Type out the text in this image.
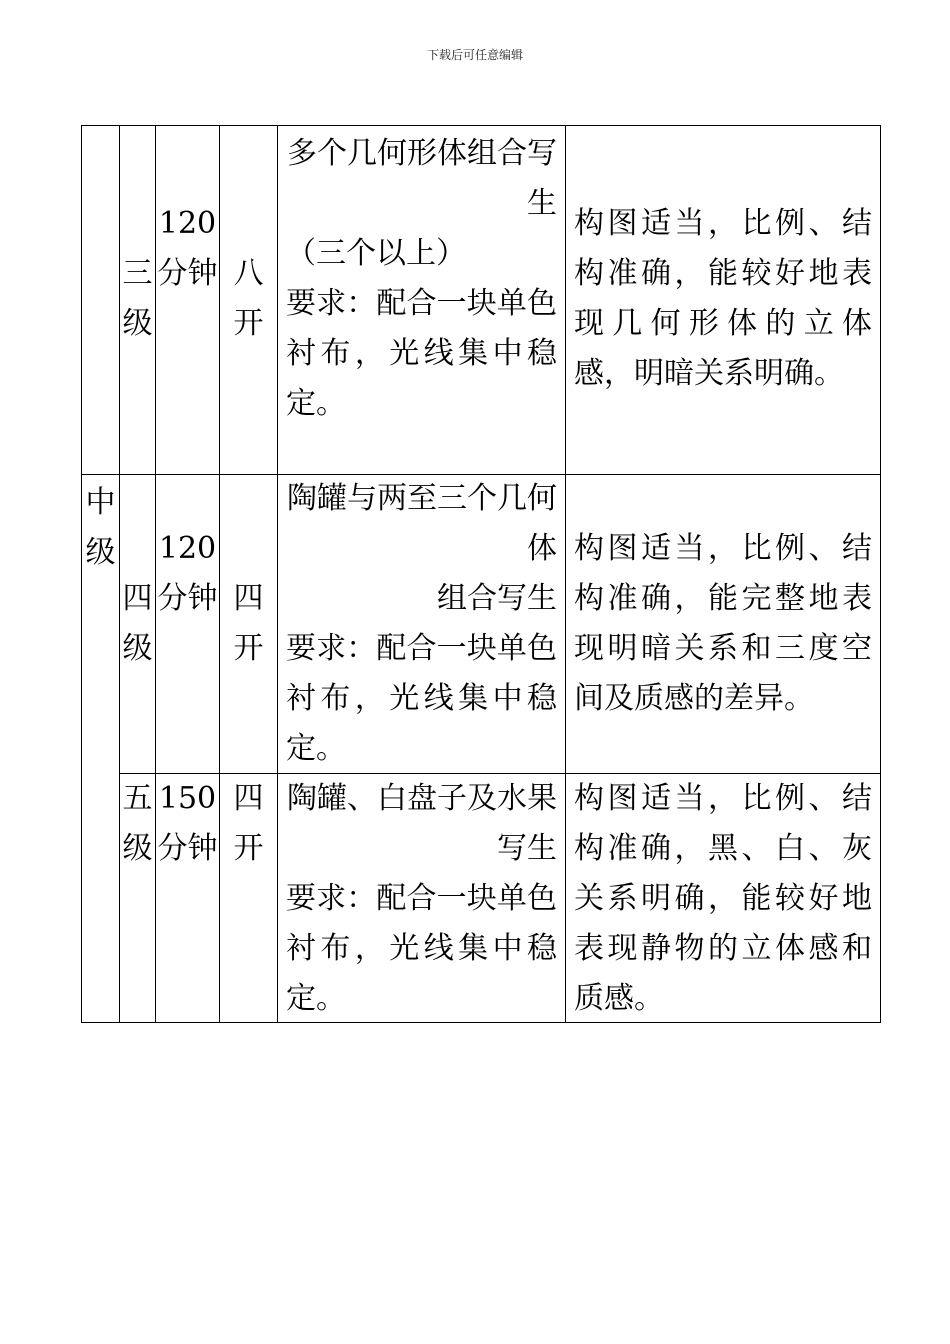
下载后可任意编辑
中级
三级
120分钟 八开
多个几何形体组合写生
（三个以上）
要求：配合一块单色衬布，光线集中稳定。
构图适当，比例、结构准确，能较好地表现几何形体的立体感，明暗关系明确。
四级
120分钟 四开
陶罐与两至三个几何体
组合写生
要求：配合一块单色衬布，光线集中稳定。
构图适当，比例、结构准确，能完整地表现明暗关系和三度空间及质感的差异。
五级
150分钟
四开
陶罐、白盘子及水果写生
要求：配合一块单色衬布，光线集中稳定。
构图适当，比例、结构准确，黑、白、灰关系明确，能较好地表现静物的立体感和质感。
